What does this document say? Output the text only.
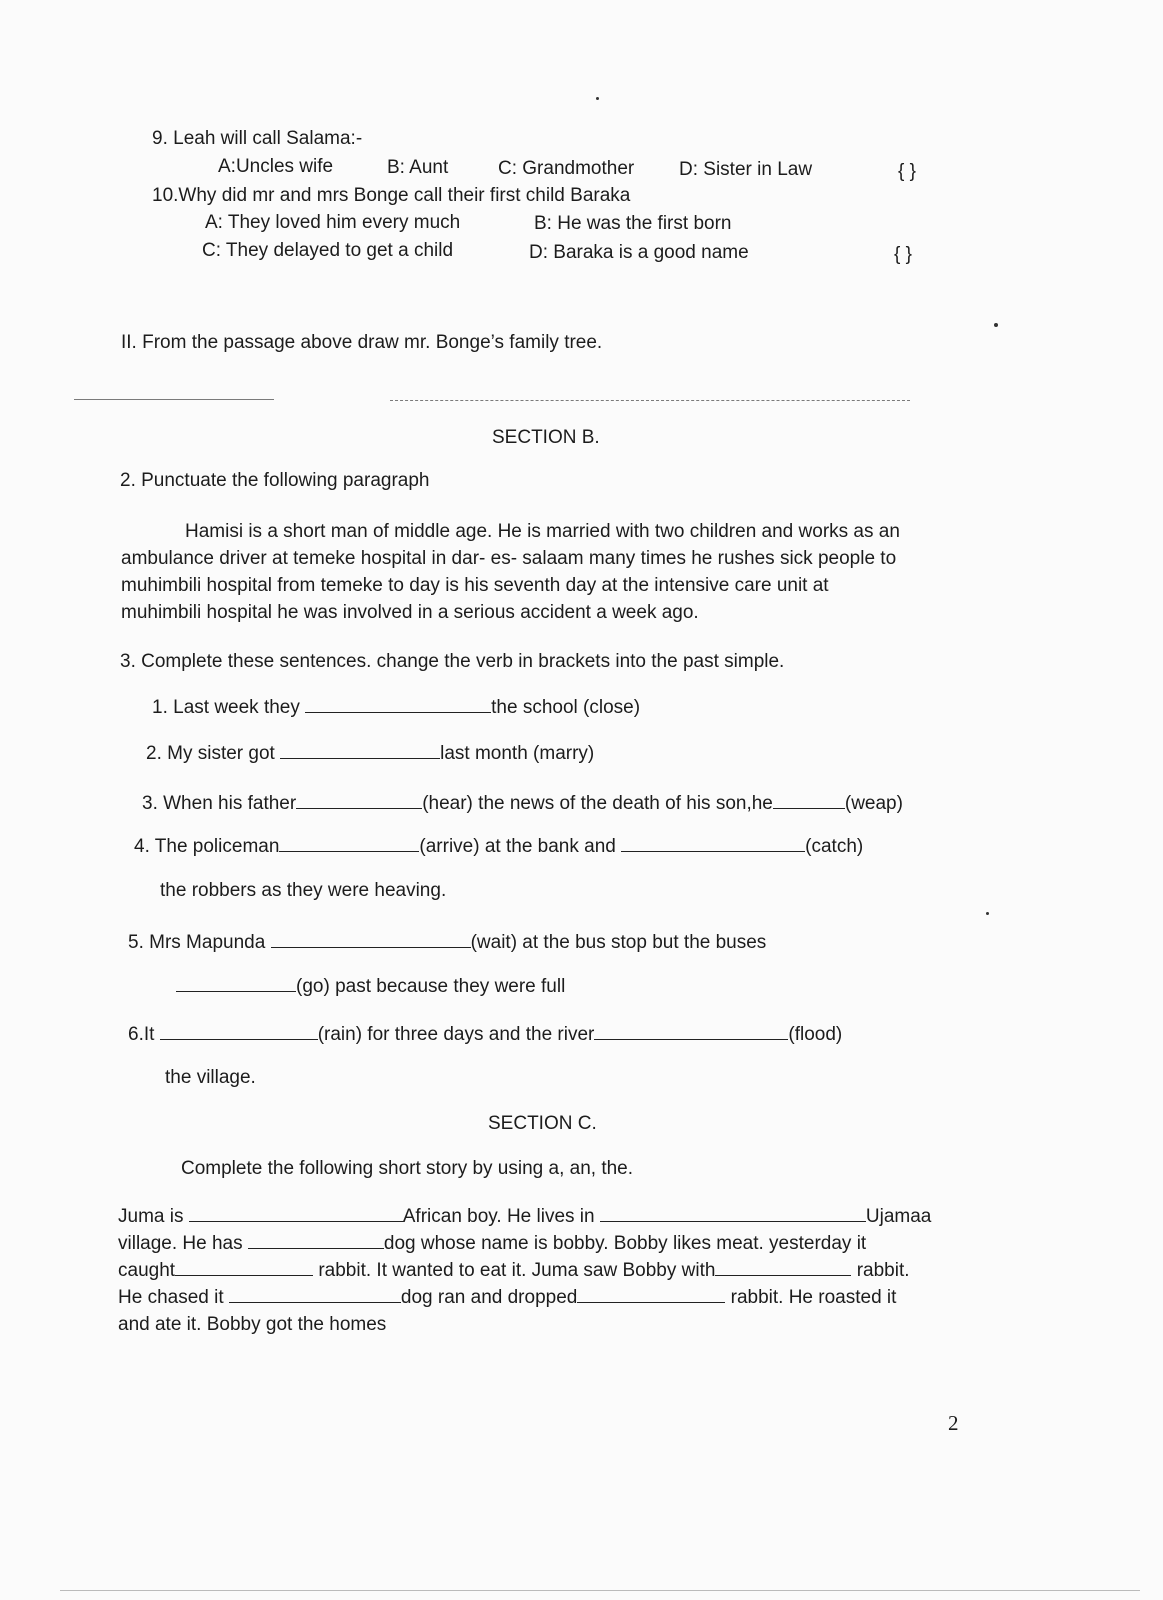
9. Leah will call Salama:-
A:Uncles wife	B: Aunt	C: Grandmother D: Sister in Law	{ }
10.Why did mr and mrs Bonge call their first child Baraka
A: They loved him every much	B: He was the first born
C: They delayed to get a child	D: Baraka is a good name	{ }
II. From the passage above draw mr. Bonge’s family tree.
SECTION B.
2. Punctuate the following paragraph
Hamisi is a short man of middle age. He is married with two children and works as an
ambulance driver at temeke hospital in dar- es- salaam many times he rushes sick people to
muhimbili hospital from temeke to day is his seventh day at the intensive care unit at
muhimbili hospital he was involved in a serious accident a week ago.
3. Complete these sentences. change the verb in brackets into the past simple.
1. Last week they	the school (close)
2. My sister got	last month (marry)
3. When his father	(hear) the news of the death of his son,he	(weap)
4. The policeman	(arrive) at the bank and	(catch)
the robbers as they were heaving.
5. Mrs Mapunda	(wait) at the bus stop but the buses
(go) past because they were full
6.It	(rain) for three days and the river	(flood)
the village.
SECTION C.
Complete the following short story by using a, an, the.
Juma is	African boy. He lives in	Ujamaa
village. He has	dog whose name is bobby. Bobby likes meat. yesterday it
caught	rabbit. It wanted to eat it. Juma saw Bobby with	rabbit.
He chased it	dog ran and dropped	rabbit. He roasted it
and ate it. Bobby got the homes
2
